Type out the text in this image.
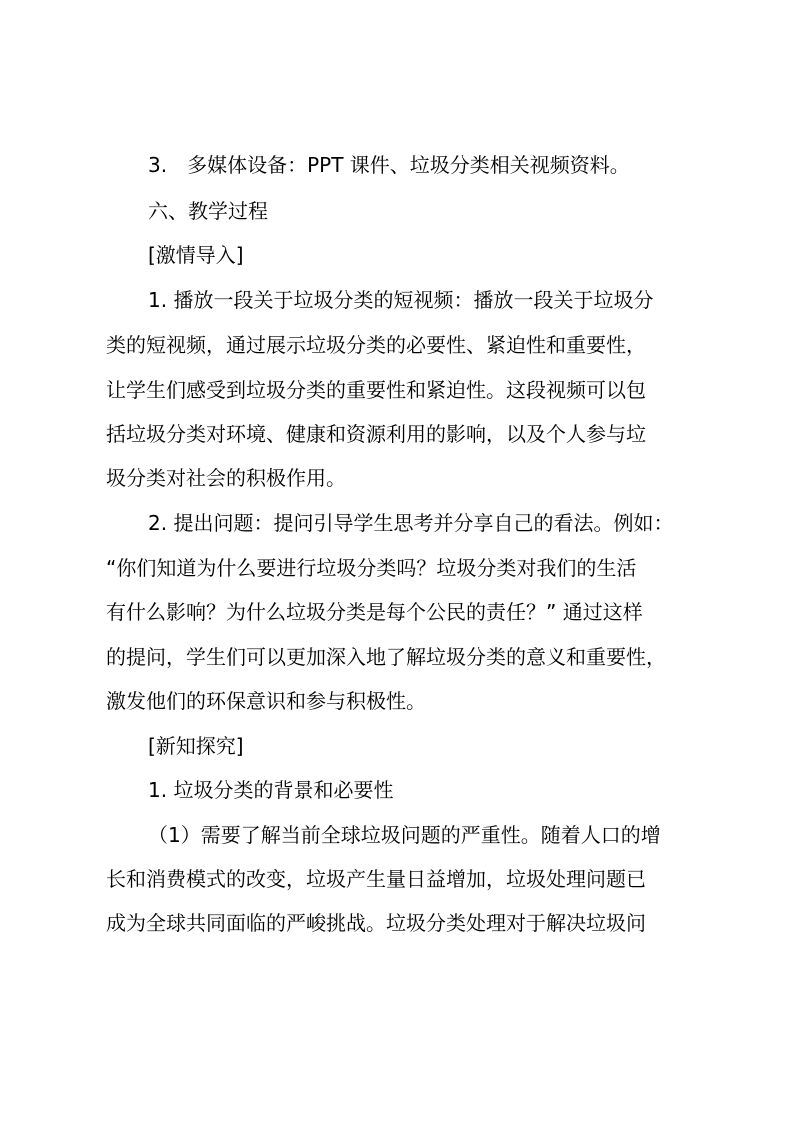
3.　多媒体设备：PPT 课件、垃圾分类相关视频资料。
六、教学过程
[激情导入]
1. 播放一段关于垃圾分类的短视频：播放一段关于垃圾分
类的短视频，通过展示垃圾分类的必要性、紧迫性和重要性，
让学生们感受到垃圾分类的重要性和紧迫性。这段视频可以包
括垃圾分类对环境、健康和资源利用的影响，以及个人参与垃
圾分类对社会的积极作用。
2. 提出问题：提问引导学生思考并分享自己的看法。例如：
“你们知道为什么要进行垃圾分类吗？垃圾分类对我们的生活
有什么影响？为什么垃圾分类是每个公民的责任？” 通过这样
的提问，学生们可以更加深入地了解垃圾分类的意义和重要性，
激发他们的环保意识和参与积极性。
[新知探究]
1. 垃圾分类的背景和必要性
（1）需要了解当前全球垃圾问题的严重性。随着人口的增
长和消费模式的改变，垃圾产生量日益增加，垃圾处理问题已
成为全球共同面临的严峻挑战。垃圾分类处理对于解决垃圾问
